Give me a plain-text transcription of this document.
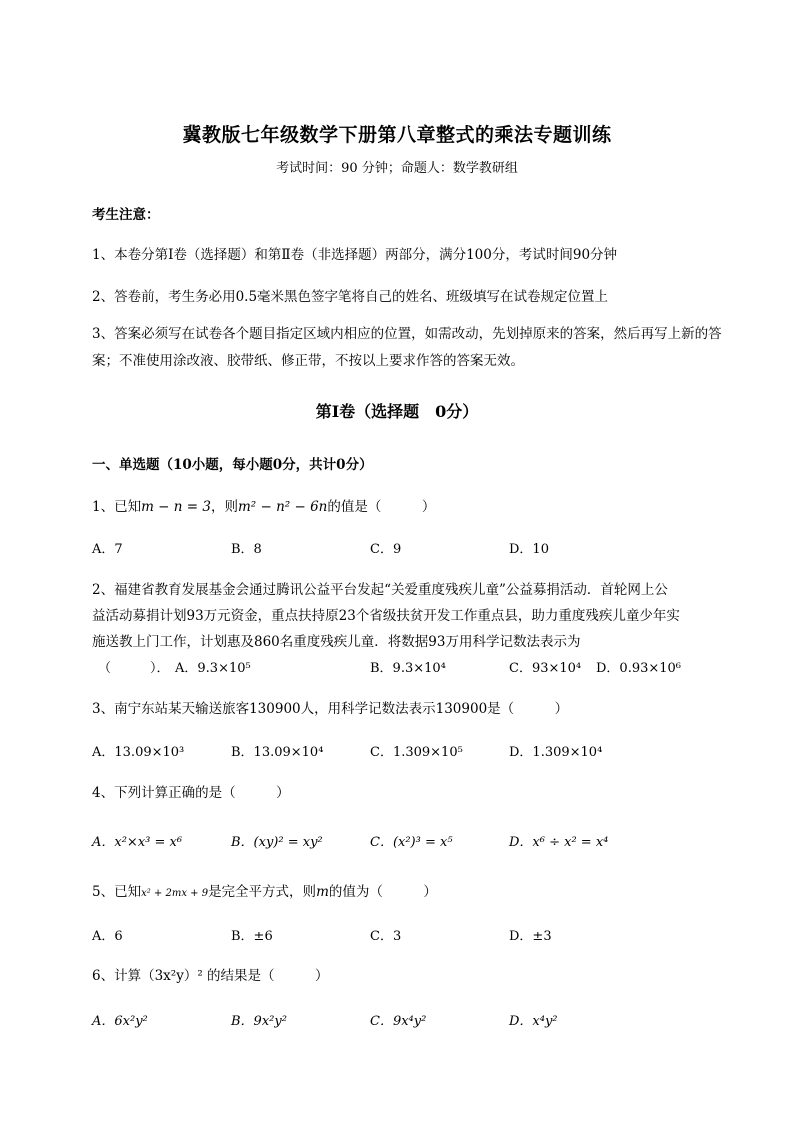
冀教版七年级数学下册第八章整式的乘法专题训练
考试时间：90 分钟；命题人：数学教研组
考生注意：
1、本卷分第Ⅰ卷（选择题）和第Ⅱ卷（非选择题）两部分，满分100分，考试时间90分钟
2、答卷前，考生务必用0.5毫米黑色签字笔将自己的姓名、班级填写在试卷规定位置上
3、答案必须写在试卷各个题目指定区域内相应的位置，如需改动，先划掉原来的答案，然后再写上新的答案；不准使用涂改液、胶带纸、修正带，不按以上要求作答的答案无效。
第Ⅰ卷（选择题　0分）
一、单选题（10小题，每小题0分，共计0分）
1、已知m − n = 3，则m² − n² − 6n的值是（　　　）
A．7	B．8	C．9	D．10
2、福建省教育发展基金会通过腾讯公益平台发起“关爱重度残疾儿童”公益募捐活动．首轮网上公
益活动募捐计划93万元资金，重点扶持原23个省级扶贫开发工作重点县，助力重度残疾儿童少年实
施送教上门工作，计划惠及860名重度残疾儿童．将数据93万用科学记数法表示为
（　　　）． A．9.3×10⁵	B．9.3×10⁴	C．93×10⁴ D．0.93×10⁶
3、南宁东站某天输送旅客130900人，用科学记数法表示130900是（　　　）
A．13.09×10³	B．13.09×10⁴	C．1.309×10⁵	D．1.309×10⁴
4、下列计算正确的是（　　　）
A．x²×x³ = x⁶	B．(xy)² = xy²	C．(x²)³ = x⁵	D．x⁶ ÷ x² = x⁴
5、已知x² + 2mx + 9是完全平方式，则m的值为（　　　）
A．6	B．±6	C．3	D．±3
6、计算（3x²y）² 的结果是（　　　）
A．6x²y²	B．9x²y²	C．9x⁴y²	D．x⁴y²
